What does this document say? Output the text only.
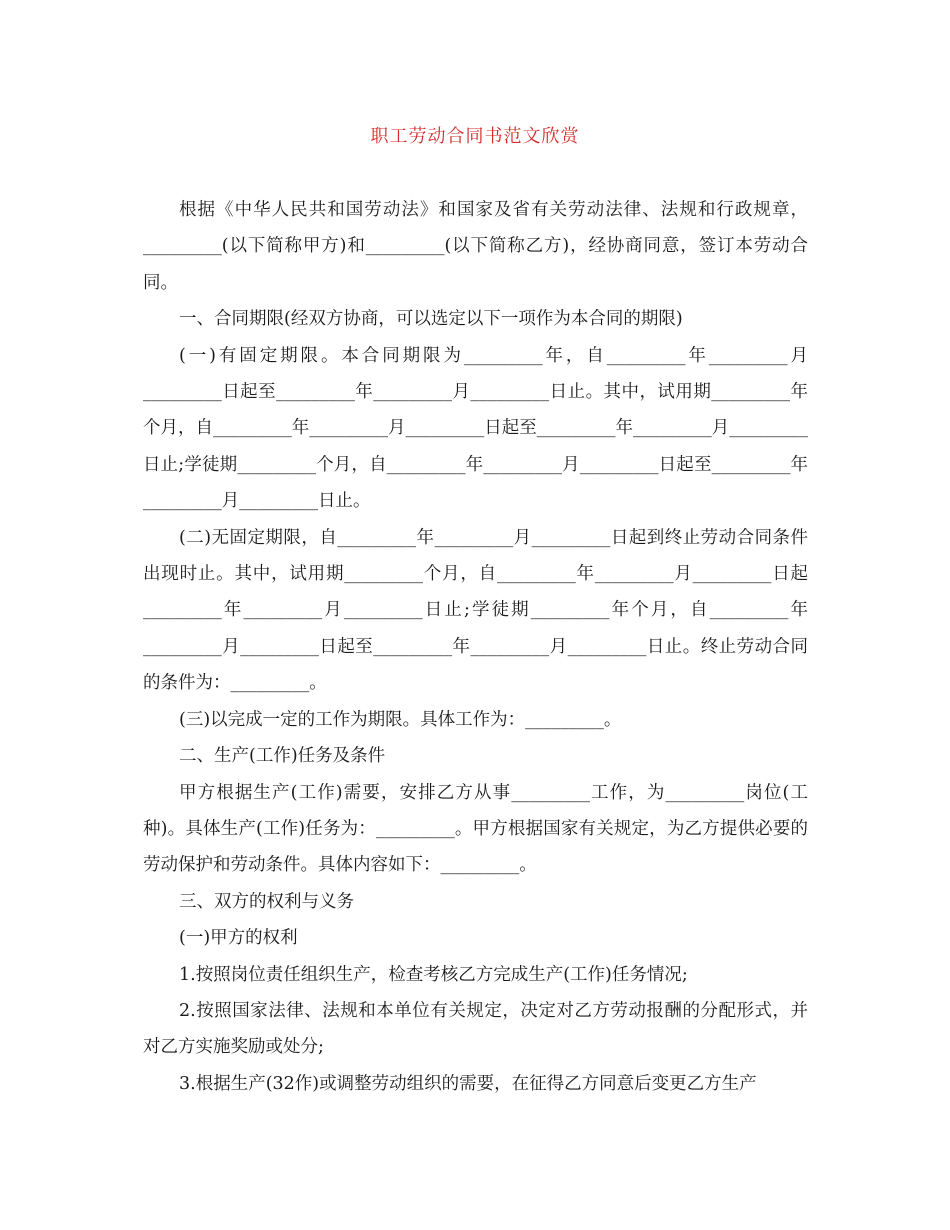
职工劳动合同书范文欣赏

根据《中华人民共和国劳动法》和国家及省有关劳动法律、法规和行政规章，_________(以下简称甲方)和_________(以下简称乙方)，经协商同意，签订本劳动合同。

一、合同期限(经双方协商，可以选定以下一项作为本合同的期限)

(一)有固定期限。本合同期限为_________年，自_________年_________月_________日起至_________年_________月_________日止。其中，试用期_________年个月，自_________年_________月_________日起至_________年_________月_________日止;学徒期_________个月，自_________年_________月_________日起至_________年_________月_________日止。

(二)无固定期限，自_________年_________月_________日起到终止劳动合同条件出现时止。其中，试用期_________个月，自_________年_________月_________日起_________年_________月_________日止;学徒期_________年个月，自_________年_________月_________日起至_________年_________月_________日止。终止劳动合同的条件为：_________。

(三)以完成一定的工作为期限。具体工作为：_________。

二、生产(工作)任务及条件

甲方根据生产(工作)需要，安排乙方从事_________工作，为_________岗位(工种)。具体生产(工作)任务为：_________。甲方根据国家有关规定，为乙方提供必要的劳动保护和劳动条件。具体内容如下：_________。

三、双方的权利与义务

(一)甲方的权利

1.按照岗位责任组织生产，检查考核乙方完成生产(工作)任务情况;

2.按照国家法律、法规和本单位有关规定，决定对乙方劳动报酬的分配形式，并对乙方实施奖励或处分;

3.根据生产(32作)或调整劳动组织的需要，在征得乙方同意后变更乙方生产
